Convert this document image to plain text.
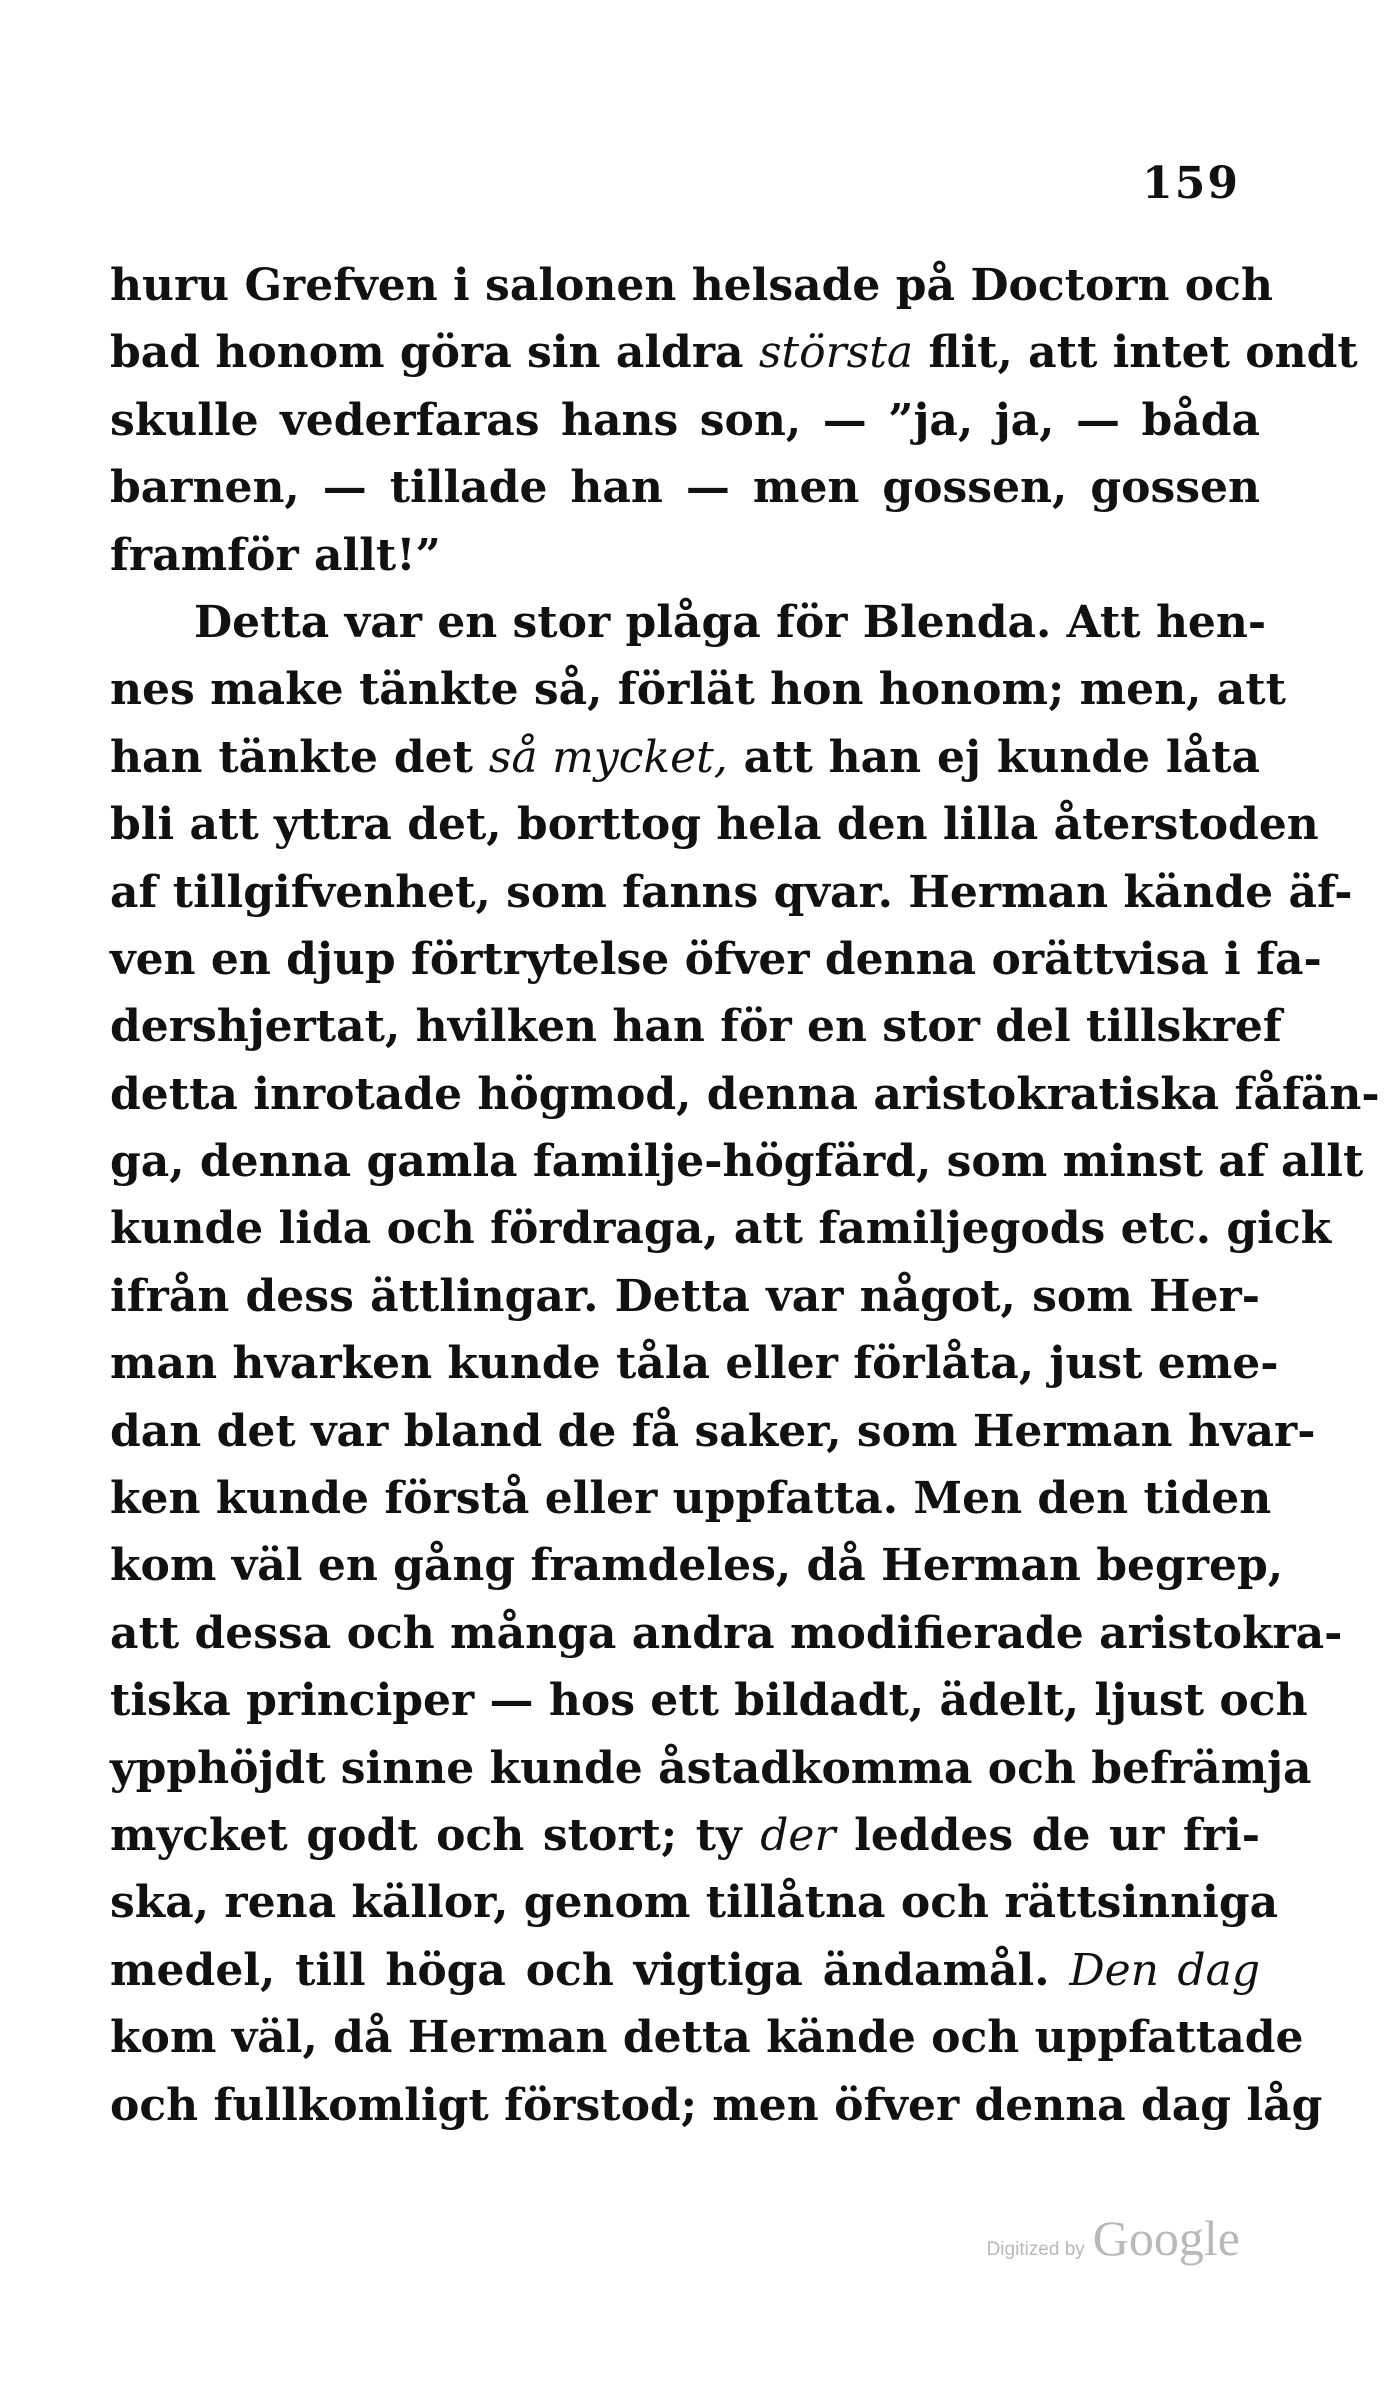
159
huru Grefven i salonen helsade på Doctorn och
bad honom göra sin aldra största flit, att intet ondt
skulle vederfaras hans son, — ”ja, ja, — båda
barnen, — tillade han — men gossen, gossen
framför allt!”
Detta var en stor plåga för Blenda. Att hen-
nes make tänkte så, förlät hon honom; men, att
han tänkte det så mycket, att han ej kunde låta
bli att yttra det, borttog hela den lilla återstoden
af tillgifvenhet, som fanns qvar. Herman kände äf-
ven en djup förtrytelse öfver denna orättvisa i fa-
dershjertat, hvilken han för en stor del tillskref
detta inrotade högmod, denna aristokratiska fåfän-
ga, denna gamla familje-högfärd, som minst af allt
kunde lida och fördraga, att familjegods etc. gick
ifrån dess ättlingar. Detta var något, som Her-
man hvarken kunde tåla eller förlåta, just eme-
dan det var bland de få saker, som Herman hvar-
ken kunde förstå eller uppfatta. Men den tiden
kom väl en gång framdeles, då Herman begrep,
att dessa och många andra modifierade aristokra-
tiska principer — hos ett bildadt, ädelt, ljust och
ypphöjdt sinne kunde åstadkomma och befrämja
mycket godt och stort; ty der leddes de ur fri-
ska, rena källor, genom tillåtna och rättsinniga
medel, till höga och vigtiga ändamål. Den dag
kom väl, då Herman detta kände och uppfattade
och fullkomligt förstod; men öfver denna dag låg
Digitized by Google
